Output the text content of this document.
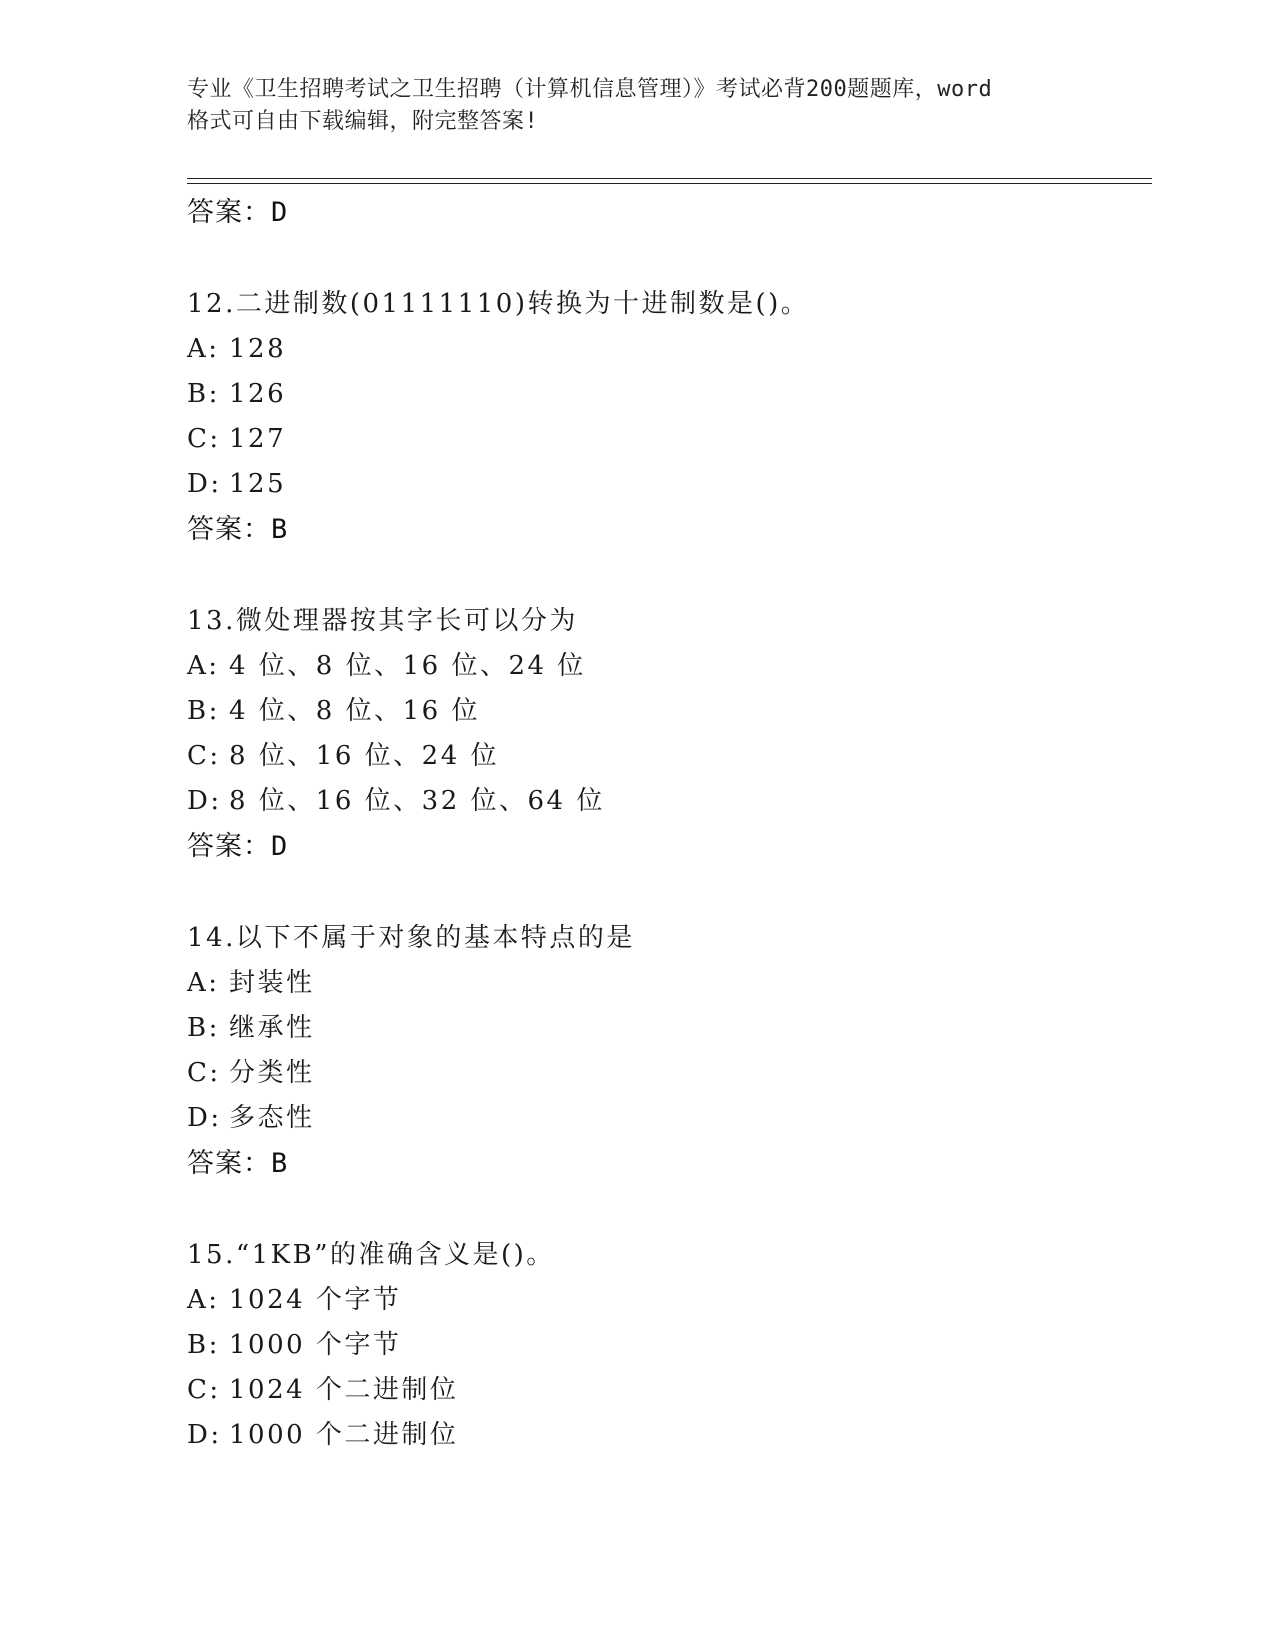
专业《卫生招聘考试之卫生招聘（计算机信息管理）》考试必背200题题库，word
格式可自由下载编辑，附完整答案!
答案：D
12.二进制数(01111110)转换为十进制数是()。
A: 128
B: 126
C: 127
D: 125
答案：B
13.微处理器按其字长可以分为
A: 4 位、8 位、16 位、24 位
B: 4 位、8 位、16 位
C: 8 位、16 位、24 位
D: 8 位、16 位、32 位、64 位
答案：D
14.以下不属于对象的基本特点的是
A: 封装性
B: 继承性
C: 分类性
D: 多态性
答案：B
15.“1KB”的准确含义是()。
A: 1024 个字节
B: 1000 个字节
C: 1024 个二进制位
D: 1000 个二进制位
